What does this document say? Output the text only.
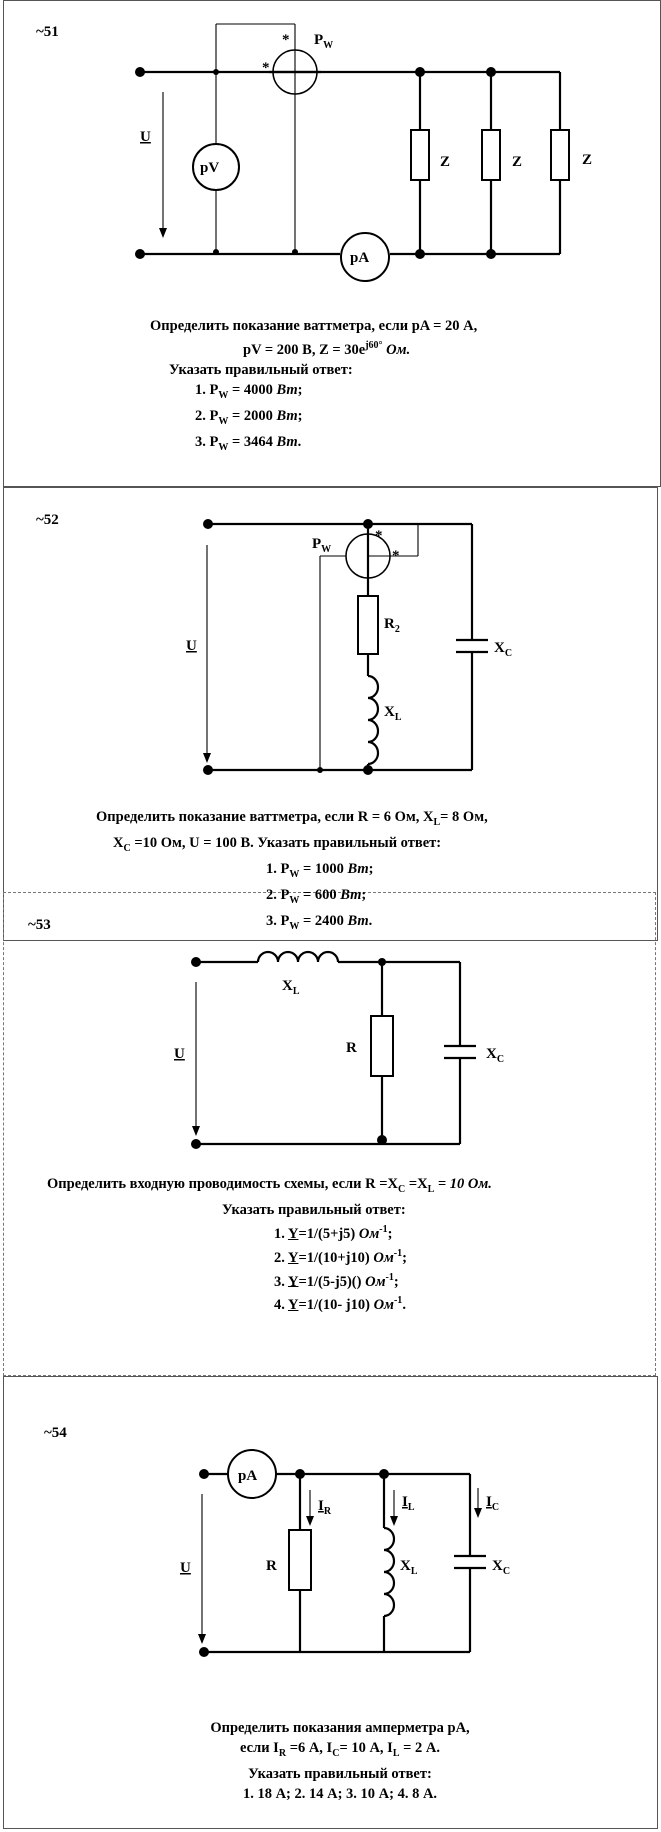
~51
~52
~53
~54
pV
pA
$P_W$
*
*
U
Z	Z	Z
Определить показание ваттметра, если pA = 20 А,
pV = 200 В, $Z = 30e^{j60^\circ}$ Ом.
Указать правильный ответ:
1. $P_W = 4000$ Вт;
2. $P_W = 2000$ Вт;
3. $P_W = 3464$ Вт.
$P_W$
*
*
U
$R_2$
$X_L$
$X_C$
Определить показание ваттметра, если R = 6 Ом, $X_L= 8$ Ом,
$X_C =10$ Ом, U = 100 В. Указать правильный ответ:
1. $P_W = 1000$ Вт;
2. $P_W = 600$ Вт;
3. $P_W = 2400$ Вт.
$X_L$
R	$X_C$
U
Определить входную проводимость схемы, если $R =X_C =X_L = 10$ Ом.
Указать правильный ответ:
1. Y=1/(5+j5) $Ом^{-1}$;
2. Y=1/(10+j10) $Ом^{-1}$;
3. Y=1/(5-j5)() $Ом^{-1}$;
4. Y=1/(10- j10) $Ом^{-1}$.
pA
$I_R$
$I_L$	$I_C$
R	$X_L$	$X_C$
U
Определить показания амперметра pA,
если $I_R =6$ А, $I_C= 10$ А, $I_L = 2$ А.
Указать правильный ответ:
1. 18 А; 2. 14 А; 3. 10 А; 4. 8 А.
